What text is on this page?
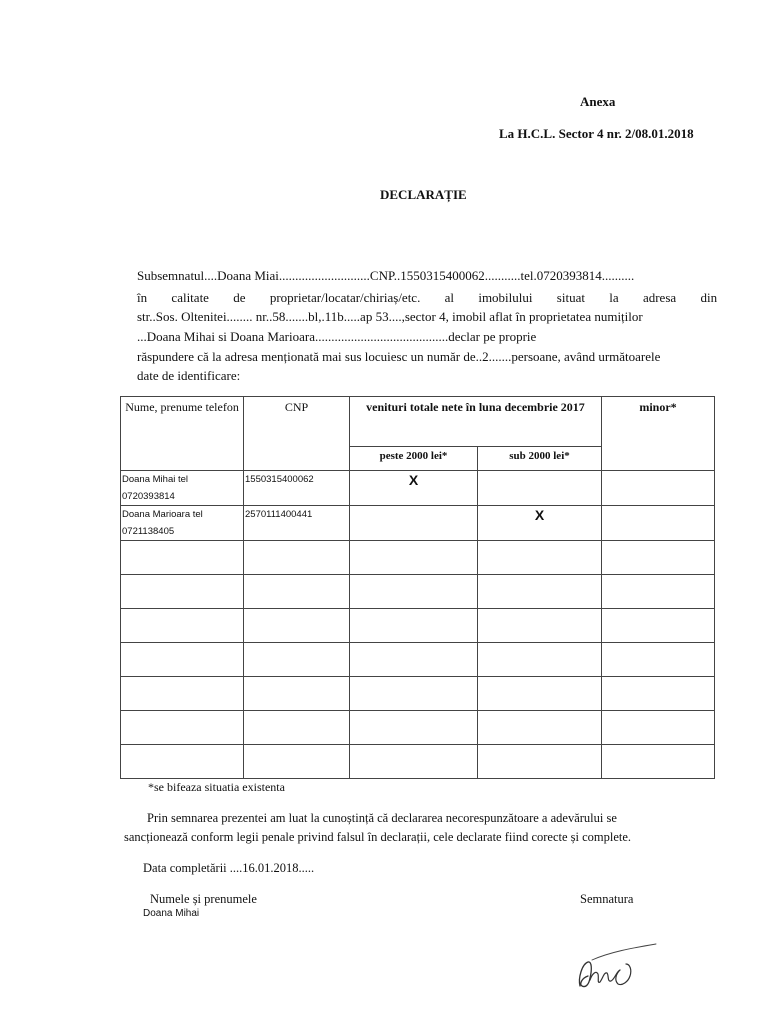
Anexa
La H.C.L. Sector 4 nr. 2/08.01.2018
DECLARAȚIE
Subsemnatul....Doana Miai............................CNP..1550315400062...........tel.0720393814..........
în calitate de proprietar/locatar/chiriaș/etc. al imobilului situat la adresa din
str..Sos. Oltenitei........ nr..58.......bl,.11b.....ap 53....,sector 4, imobil aflat în proprietatea numiților
...Doana Mihai si Doana Marioara.........................................declar pe proprie
răspundere că la adresa menționată mai sus locuiesc un număr de..2.......persoane, având următoarele
date de identificare:
Nume, prenume telefon	CNP	venituri totale nete în luna decembrie 2017		minor*
		peste 2000 lei*	sub 2000 lei*	
Doana Mihai tel 0720393814	1550315400062	X		
Doana Marioara tel 0721138405	2570111400441		X	

*se bifeaza situatia existenta
Prin semnarea prezentei am luat la cunoștință că declararea necorespunzătoare a adevărului se
sancționează conform legii penale privind falsul în declarații, cele declarate fiind corecte și complete.
Data completării ....16.01.2018.....
Numele și prenumele	Semnatura
Doana Mihai
